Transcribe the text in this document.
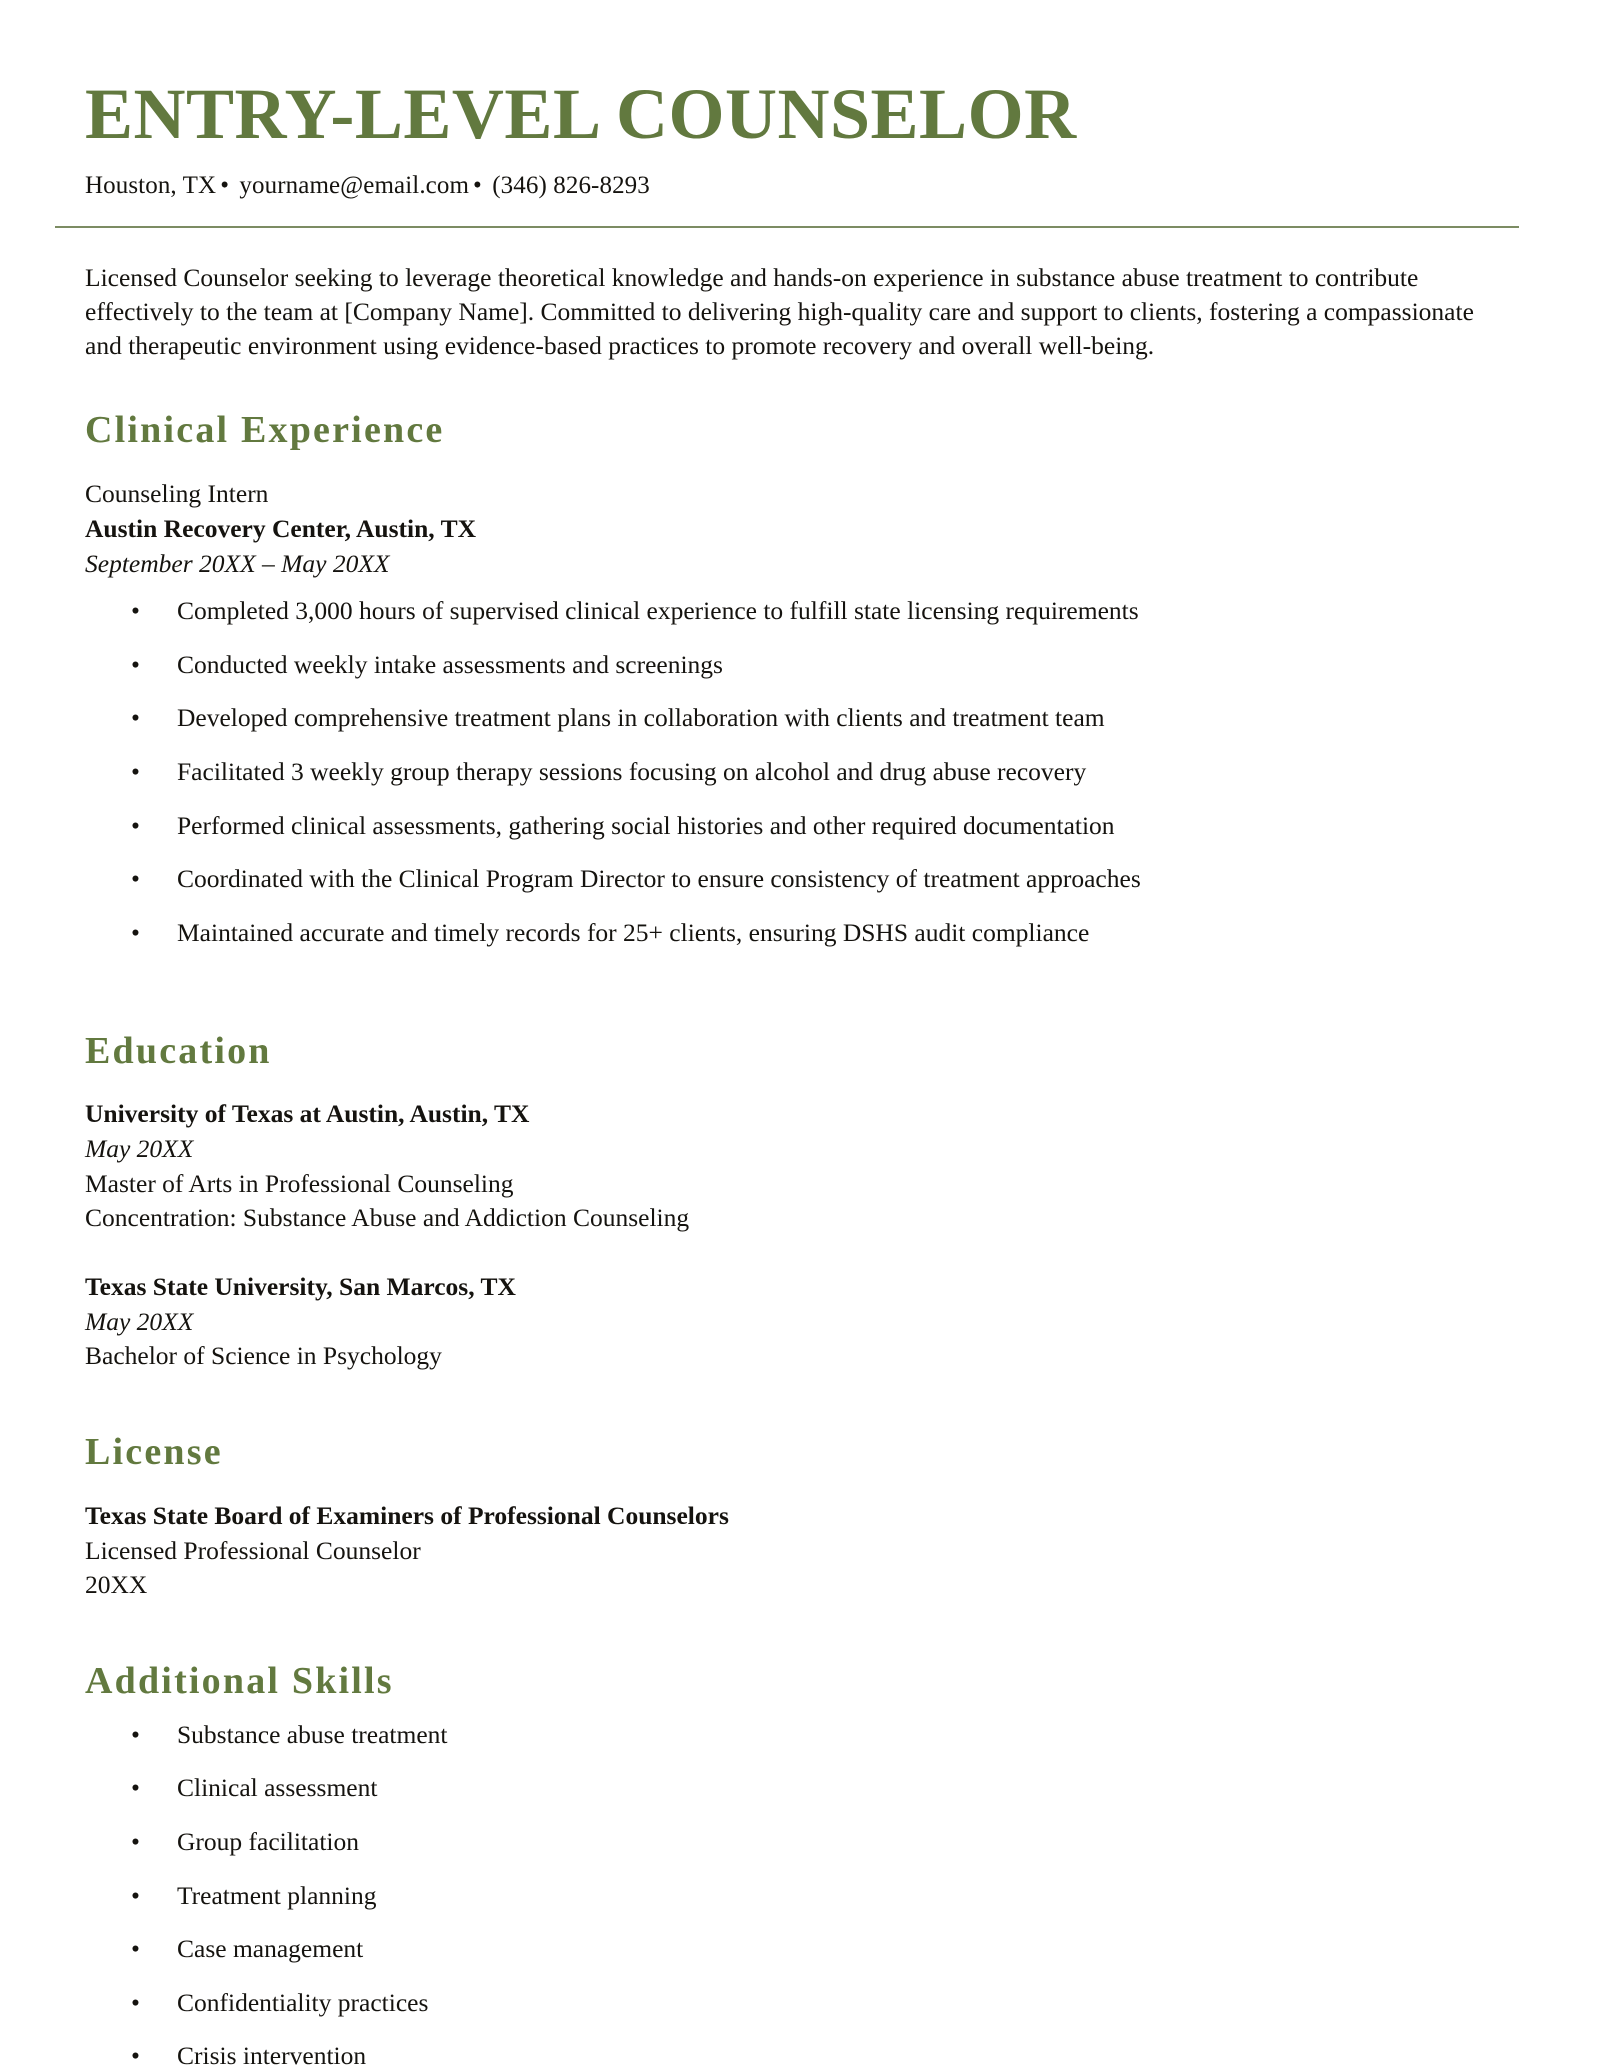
ENTRY-LEVEL COUNSELOR
Houston, TX • yourname@email.com • (346) 826-8293

Licensed Counselor seeking to leverage theoretical knowledge and hands-on experience in substance abuse treatment to contribute effectively to the team at [Company Name]. Committed to delivering high-quality care and support to clients, fostering a compassionate and therapeutic environment using evidence-based practices to promote recovery and overall well-being.

Clinical Experience
Counseling Intern
Austin Recovery Center, Austin, TX
September 20XX – May 20XX
• Completed 3,000 hours of supervised clinical experience to fulfill state licensing requirements
• Conducted weekly intake assessments and screenings
• Developed comprehensive treatment plans in collaboration with clients and treatment team
• Facilitated 3 weekly group therapy sessions focusing on alcohol and drug abuse recovery
• Performed clinical assessments, gathering social histories and other required documentation
• Coordinated with the Clinical Program Director to ensure consistency of treatment approaches
• Maintained accurate and timely records for 25+ clients, ensuring DSHS audit compliance
Education
University of Texas at Austin, Austin, TX
May 20XX
Master of Arts in Professional Counseling
Concentration: Substance Abuse and Addiction Counseling
Texas State University, San Marcos, TX
May 20XX
Bachelor of Science in Psychology
License
Texas State Board of Examiners of Professional Counselors
Licensed Professional Counselor
20XX
Additional Skills
• Substance abuse treatment
• Clinical assessment
• Group facilitation
• Treatment planning
• Case management
• Confidentiality practices
• Crisis intervention
